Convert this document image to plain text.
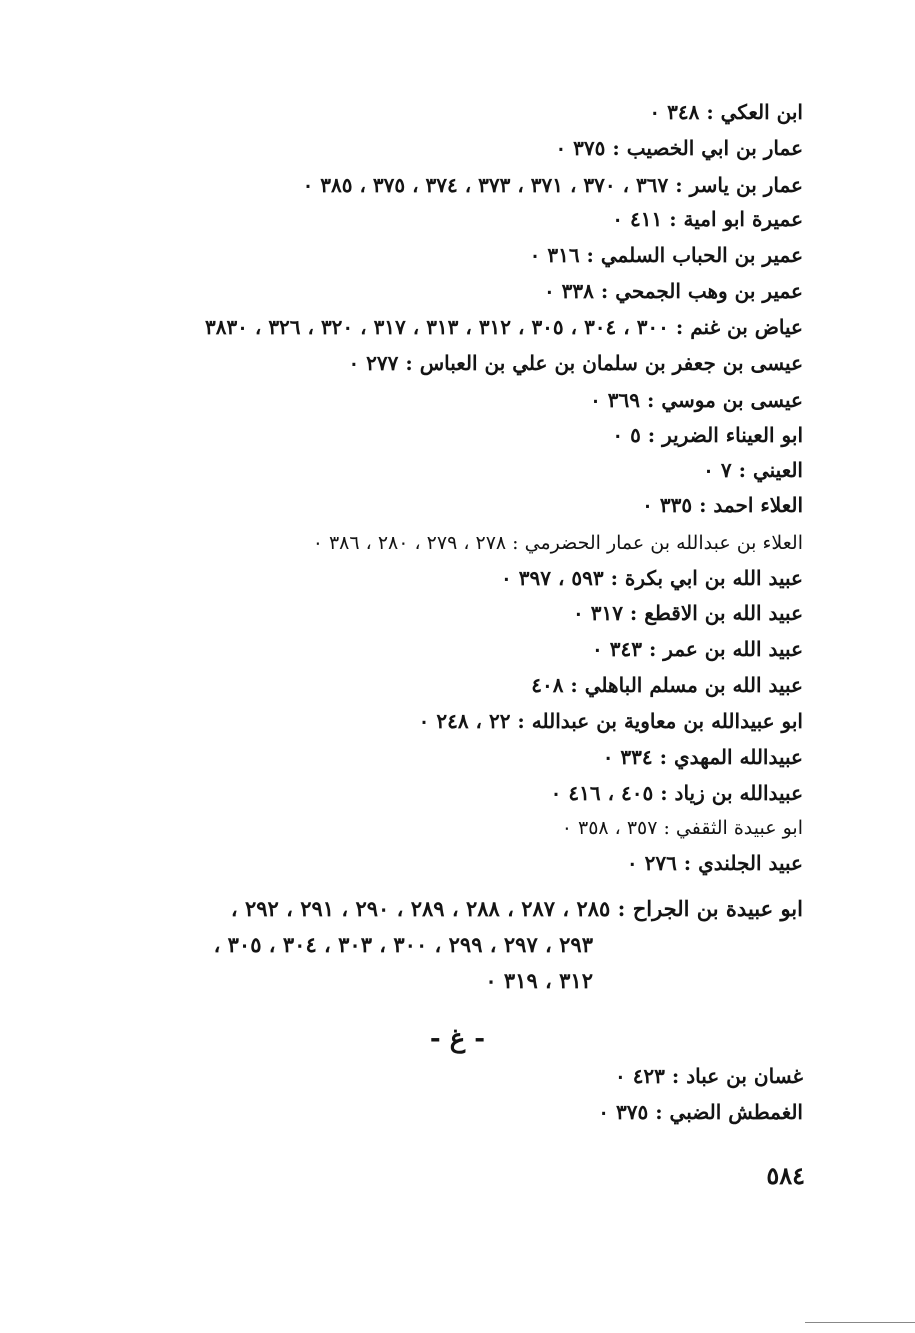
ابن العكي : ٣٤٨ ٠
عمار بن ابي الخصيب : ٣٧٥ ٠
عمار بن ياسر : ٣٦٧ ، ٣٧٠ ، ٣٧١ ، ٣٧٣ ، ٣٧٤ ، ٣٧٥ ، ٣٨٥ ٠
عميرة ابو امية : ٤١١ ٠
عمير بن الحباب السلمي : ٣١٦ ٠
عمير بن وهب الجمحي : ٣٣٨ ٠
عياض بن غنم : ٣٠٠ ، ٣٠٤ ، ٣٠٥ ، ٣١٢ ، ٣١٣ ، ٣١٧ ، ٣٢٠ ، ٣٢٦ ، ٣٨٣٠
عيسى بن جعفر بن سلمان بن علي بن العباس : ٢٧٧ ٠
عيسى بن موسي : ٣٦٩ ٠
ابو العيناء الضرير : ٥ ٠
العيني : ٧ ٠
العلاء احمد : ٣٣٥ ٠
العلاء بن عبدالله بن عمار الحضرمي : ٢٧٨ ، ٢٧٩ ، ٢٨٠ ، ٣٨٦ ٠
عبيد الله بن ابي بكرة : ٥٩٣ ، ٣٩٧ ٠
عبيد الله بن الاقطع : ٣١٧ ٠
عبيد الله بن عمر : ٣٤٣ ٠
عبيد الله بن مسلم الباهلي : ٤٠٨
ابو عبيدالله بن معاوية بن عبدالله : ٢٢ ، ٢٤٨ ٠
عبيدالله المهدي : ٣٣٤ ٠
عبيدالله بن زياد : ٤٠٥ ، ٤١٦ ٠
ابو عبيدة الثقفي : ٣٥٧ ، ٣٥٨ ٠
عبيد الجلندي : ٢٧٦ ٠
ابو عبيدة بن الجراح : ٢٨٥ ، ٢٨٧ ، ٢٨٨ ، ٢٨٩ ، ٢٩٠ ، ٢٩١ ، ٢٩٢ ،
٢٩٣ ، ٢٩٧ ، ٢٩٩ ، ٣٠٠ ، ٣٠٣ ، ٣٠٤ ، ٣٠٥ ،
٣١٢ ، ٣١٩ ٠
- غ -
غسان بن عباد : ٤٢٣ ٠
الغمطش الضبي : ٣٧٥ ٠
٥٨٤
